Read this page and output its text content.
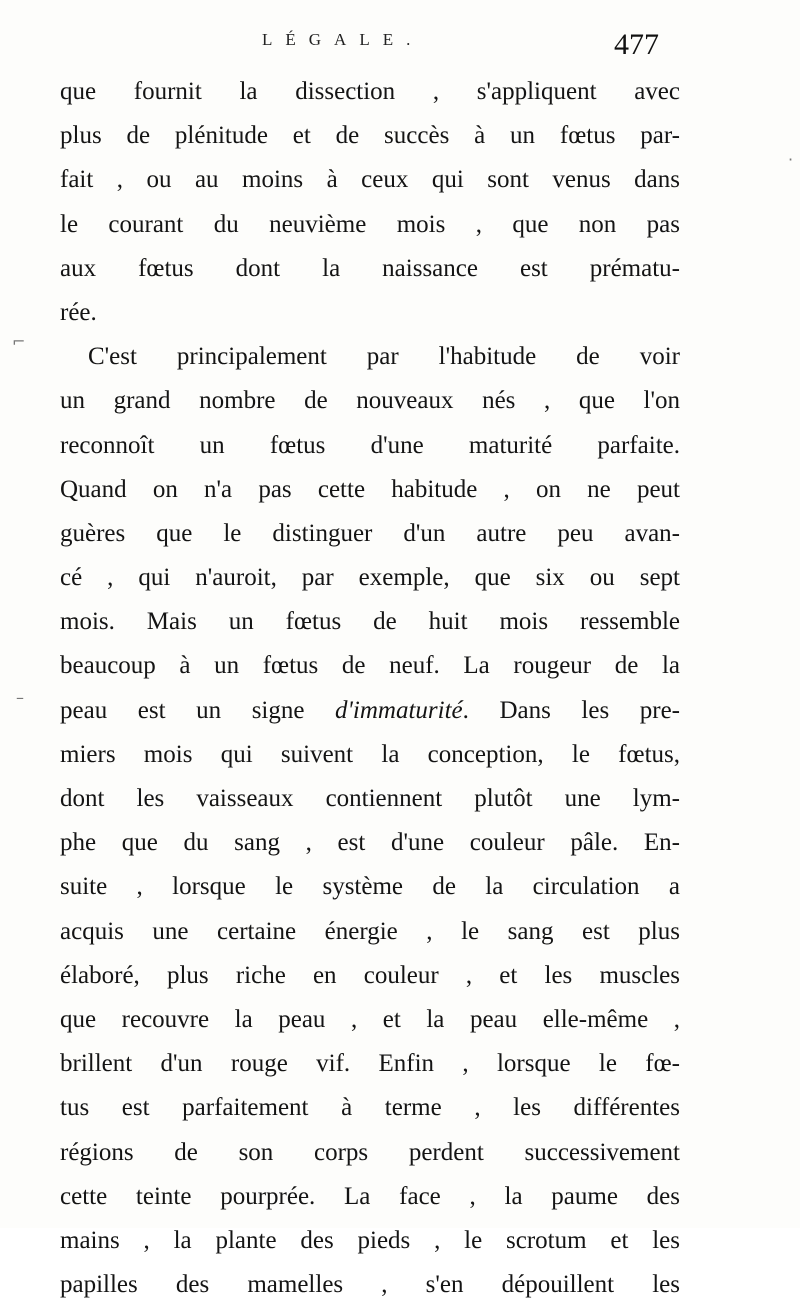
LÉGALE.	477
que fournit la dissection , s'appliquent avec
plus de plénitude et de succès à un fœtus par-
fait , ou au moins à ceux qui sont venus dans
le courant du neuvième mois , que non pas
aux fœtus dont la naissance est prématu-
rée.
C'est principalement par l'habitude de voir
un grand nombre de nouveaux nés , que l'on
reconnoît un fœtus d'une maturité parfaite.
Quand on n'a pas cette habitude , on ne peut
guères que le distinguer d'un autre peu avan-
cé , qui n'auroit, par exemple, que six ou sept
mois. Mais un fœtus de huit mois ressemble
beaucoup à un fœtus de neuf. La rougeur de la
peau est un signe d'immaturité. Dans les pre-
miers mois qui suivent la conception, le fœtus,
dont les vaisseaux contiennent plutôt une lym-
phe que du sang , est d'une couleur pâle. En-
suite , lorsque le système de la circulation a
acquis une certaine énergie , le sang est plus
élaboré, plus riche en couleur , et les muscles
que recouvre la peau , et la peau elle-même ,
brillent d'un rouge vif. Enfin , lorsque le fœ-
tus est parfaitement à terme , les différentes
régions de son corps perdent successivement
cette teinte pourprée. La face , la paume des
mains , la plante des pieds , le scrotum et les
papilles des mamelles , s'en dépouillent les
⌐
–
·
